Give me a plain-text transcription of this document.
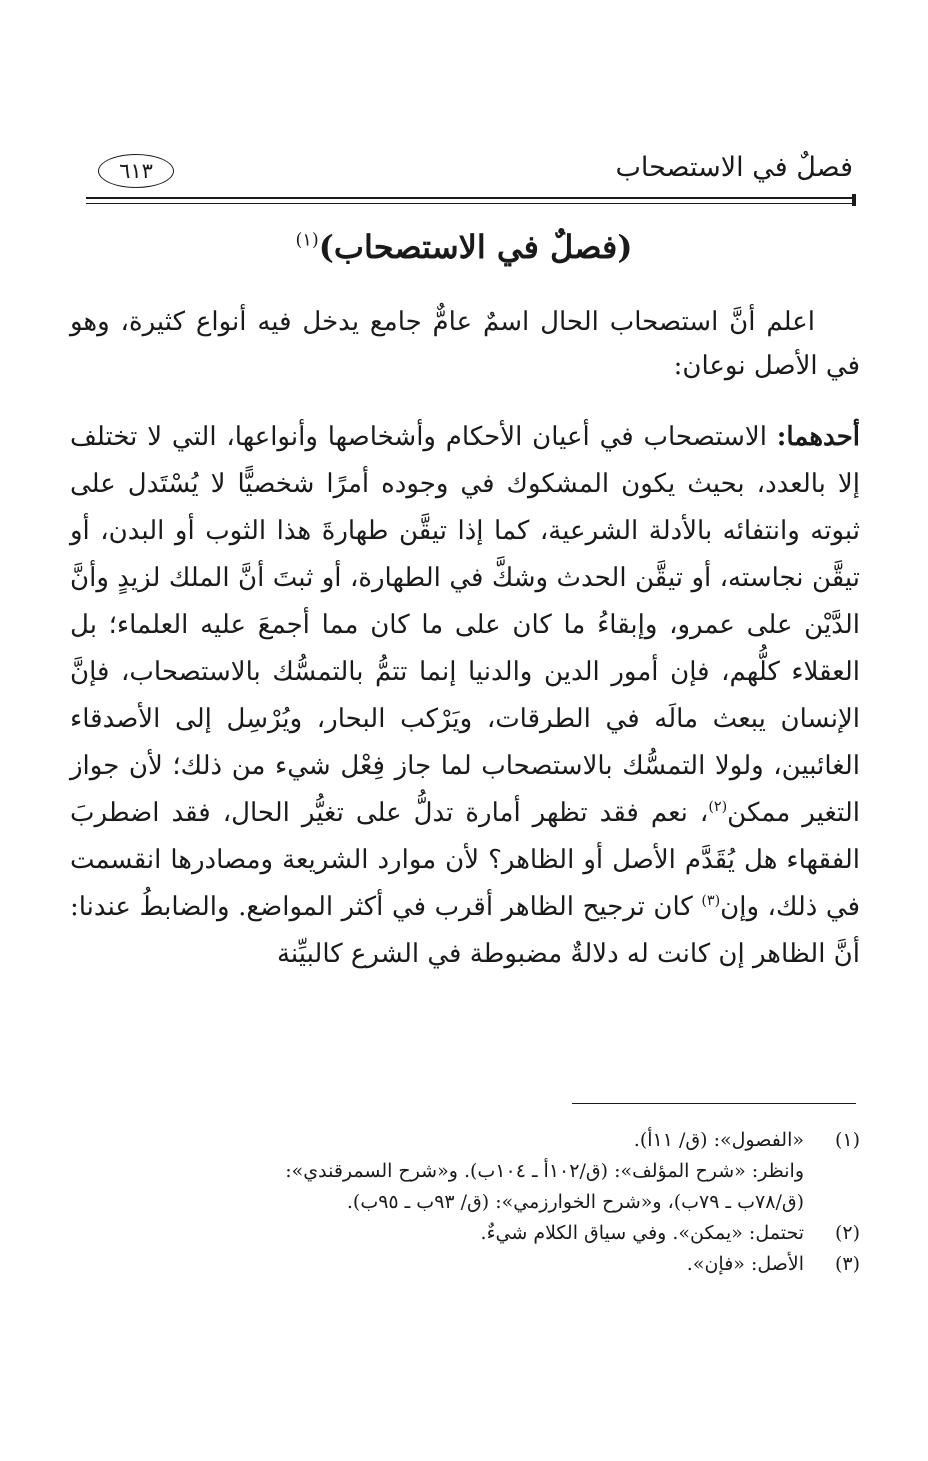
فصلٌ في الاستصحاب
٦١٣
(فصلٌ في الاستصحاب)$^{(١)}$
اعلم أنَّ استصحاب الحال اسمٌ عامٌّ جامع يدخل فيه أنواع كثيرة، وهو في الأصل نوعان:
أحدهما: الاستصحاب في أعيان الأحكام وأشخاصها وأنواعها، التي لا تختلف إلا بالعدد، بحيث يكون المشكوك في وجوده أمرًا شخصيًّا لا يُسْتَدل على ثبوته وانتفائه بالأدلة الشرعية، كما إذا تيقَّن طهارةَ هذا الثوب أو البدن، أو تيقَّن نجاسته، أو تيقَّن الحدث وشكَّ في الطهارة، أو ثبتَ أنَّ الملك لزيدٍ وأنَّ الدَّيْن على عمرو، وإبقاءُ ما كان على ما كان مما أجمعَ عليه العلماء؛ بل العقلاء كلُّهم، فإن أمور الدين والدنيا إنما تتمُّ بالتمسُّك بالاستصحاب، فإنَّ الإنسان يبعث مالَه في الطرقات، ويَرْكب البحار، ويُرْسِل إلى الأصدقاء الغائبين، ولولا التمسُّك بالاستصحاب لما جاز فِعْل شيء من ذلك؛ لأن جواز التغير ممكن$^{(٢)}$، نعم فقد تظهر أمارة تدلُّ على تغيُّر الحال، فقد اضطربَ الفقهاء هل يُقَدَّم الأصل أو الظاهر؟ لأن موارد الشريعة ومصادرها انقسمت في ذلك، وإن$^{(٣)}$ كان ترجيح الظاهر أقرب في أكثر المواضع. والضابطُ عندنا: أنَّ الظاهر إن كانت له دلالةٌ مضبوطة في الشرع كالبيِّنة
(١)«الفصول»: (ق/ ١١أ).
وانظر: «شرح المؤلف»: (ق/١٠٢أ ـ ١٠٤ب). و«شرح السمرقندي»:
(ق/٧٨ب ـ ٧٩ب)، و«شرح الخوارزمي»: (ق/ ٩٣ب ـ ٩٥ب).
(٢)تحتمل: «يمكن». وفي سياق الكلام شيءٌ.
(٣)الأصل: «فإن».
